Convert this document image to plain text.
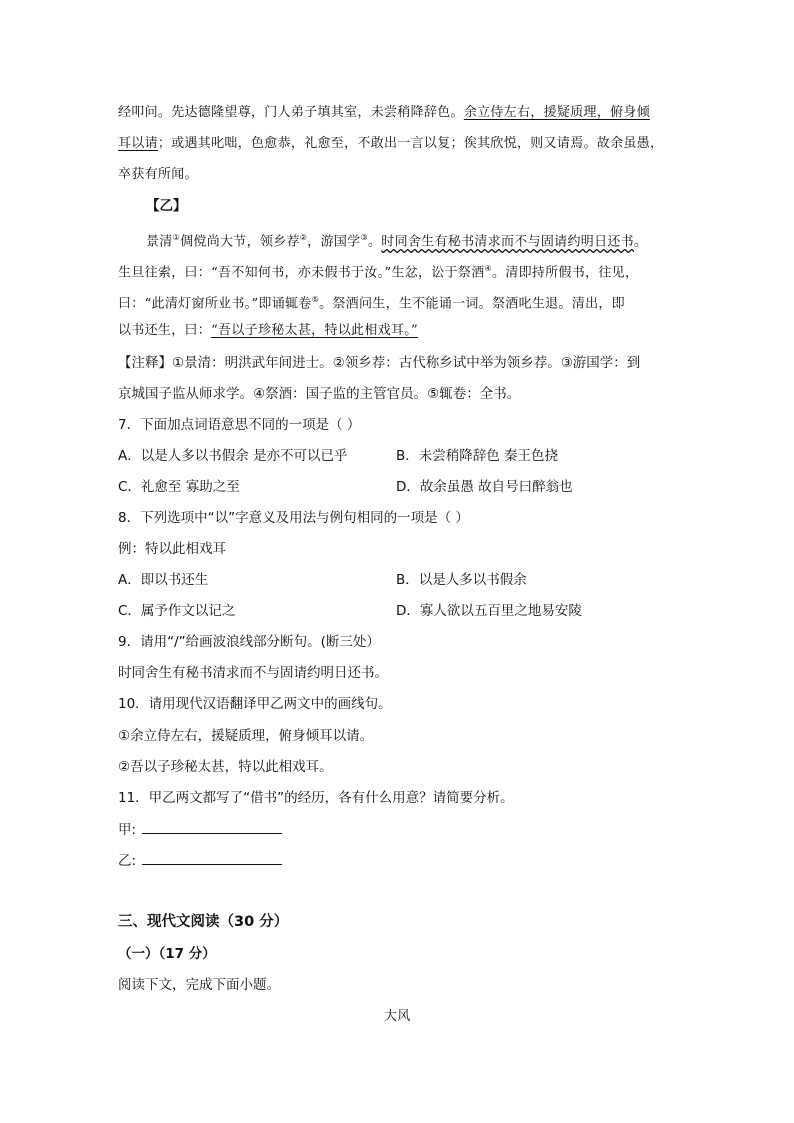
经叩问。先达德隆望尊，门人弟子填其室，未尝稍降辞色。余立侍左右，援疑质理，俯身倾
耳以请；或遇其叱咄，色愈恭，礼愈至，不敢出一言以复；俟其欣悦，则又请焉。故余虽愚，
卒获有所闻。
【乙】
景清①倜傥尚大节，领乡荐②，游国学③。时同舍生有秘书清求而不与固请约明日还书。
生旦往索，曰：“吾不知何书，亦未假书于汝。”生忿，讼于祭酒④。清即持所假书，往见，
曰：“此清灯窗所业书。”即诵辄卷⑤。祭酒问生，生不能诵一词。祭酒叱生退。清出，即
以书还生，曰：“吾以子珍秘太甚，特以此相戏耳。”
【注释】①景清：明洪武年间进士。②领乡荐：古代称乡试中举为领乡荐。③游国学：到
京城国子监从师求学。④祭酒：国子监的主管官员。⑤辄卷：全书。
7．下面加点词语意思不同的一项是（ ）
A．以是人多以书假余 是亦不可以已乎	B．未尝稍降辞色 秦王色挠
C．礼愈至 寡助之至	D．故余虽愚 故自号曰醉翁也
8．下列选项中“以”字意义及用法与例句相同的一项是（ ）
例：特以此相戏耳
A．即以书还生	B．以是人多以书假余
C．属予作文以记之	D．寡人欲以五百里之地易安陵
9．请用“/”给画波浪线部分断句。(断三处）
时同舍生有秘书清求而不与固请约明日还书。
10．请用现代汉语翻译甲乙两文中的画线句。
①余立侍左右，援疑质理，俯身倾耳以请。
②吾以子珍秘太甚，特以此相戏耳。
11．甲乙两文都写了“借书”的经历，各有什么用意？请简要分析。
甲:
乙:
三、现代文阅读（30 分）
（一）（17 分）
阅读下文，完成下面小题。
大风
